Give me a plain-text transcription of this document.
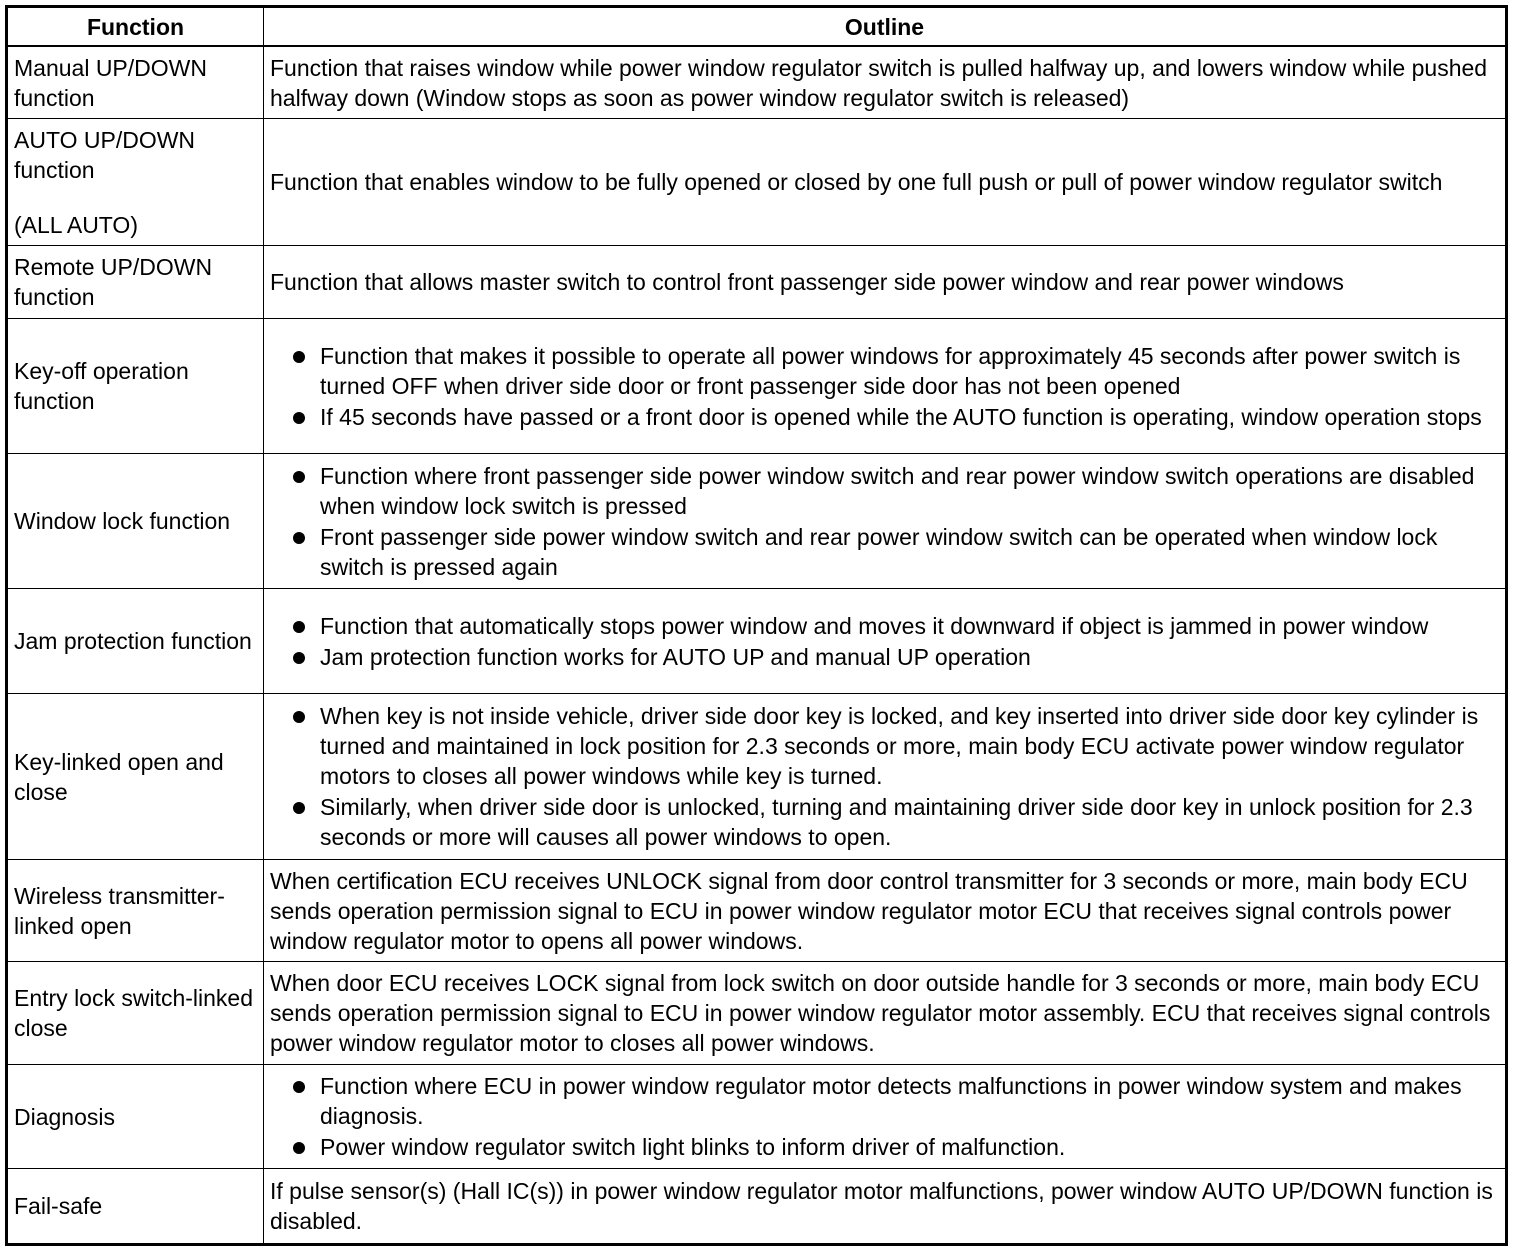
Function	Outline
Manual UP/DOWN function
Function that raises window while power window regulator switch is pulled halfway up, and lowers window while pushed halfway down (Window stops as soon as power window regulator switch is released)
AUTO UP/DOWN function
(ALL AUTO)
Function that enables window to be fully opened or closed by one full push or pull of power window regulator switch
Remote UP/DOWN function
Function that allows master switch to control front passenger side power window and rear power windows
Key-off operation function
Function that makes it possible to operate all power windows for approximately 45 seconds after power switch is turned OFF when driver side door or front passenger side door has not been opened
If 45 seconds have passed or a front door is opened while the AUTO function is operating, window operation stops
Window lock function
Function where front passenger side power window switch and rear power window switch operations are disabled when window lock switch is pressed
Front passenger side power window switch and rear power window switch can be operated when window lock switch is pressed again
Jam protection function
Function that automatically stops power window and moves it downward if object is jammed in power window
Jam protection function works for AUTO UP and manual UP operation
Key-linked open and close
When key is not inside vehicle, driver side door key is locked, and key inserted into driver side door key cylinder is turned and maintained in lock position for 2.3 seconds or more, main body ECU activate power window regulator motors to closes all power windows while key is turned.
Similarly, when driver side door is unlocked, turning and maintaining driver side door key in unlock position for 2.3 seconds or more will causes all power windows to open.
Wireless transmitter-linked open
When certification ECU receives UNLOCK signal from door control transmitter for 3 seconds or more, main body ECU sends operation permission signal to ECU in power window regulator motor ECU that receives signal controls power window regulator motor to opens all power windows.
Entry lock switch-linked close
When door ECU receives LOCK signal from lock switch on door outside handle for 3 seconds or more, main body ECU sends operation permission signal to ECU in power window regulator motor assembly. ECU that receives signal controls power window regulator motor to closes all power windows.
Diagnosis
Function where ECU in power window regulator motor detects malfunctions in power window system and makes diagnosis.
Power window regulator switch light blinks to inform driver of malfunction.
Fail-safe
If pulse sensor(s) (Hall IC(s)) in power window regulator motor malfunctions, power window AUTO UP/DOWN function is disabled.
